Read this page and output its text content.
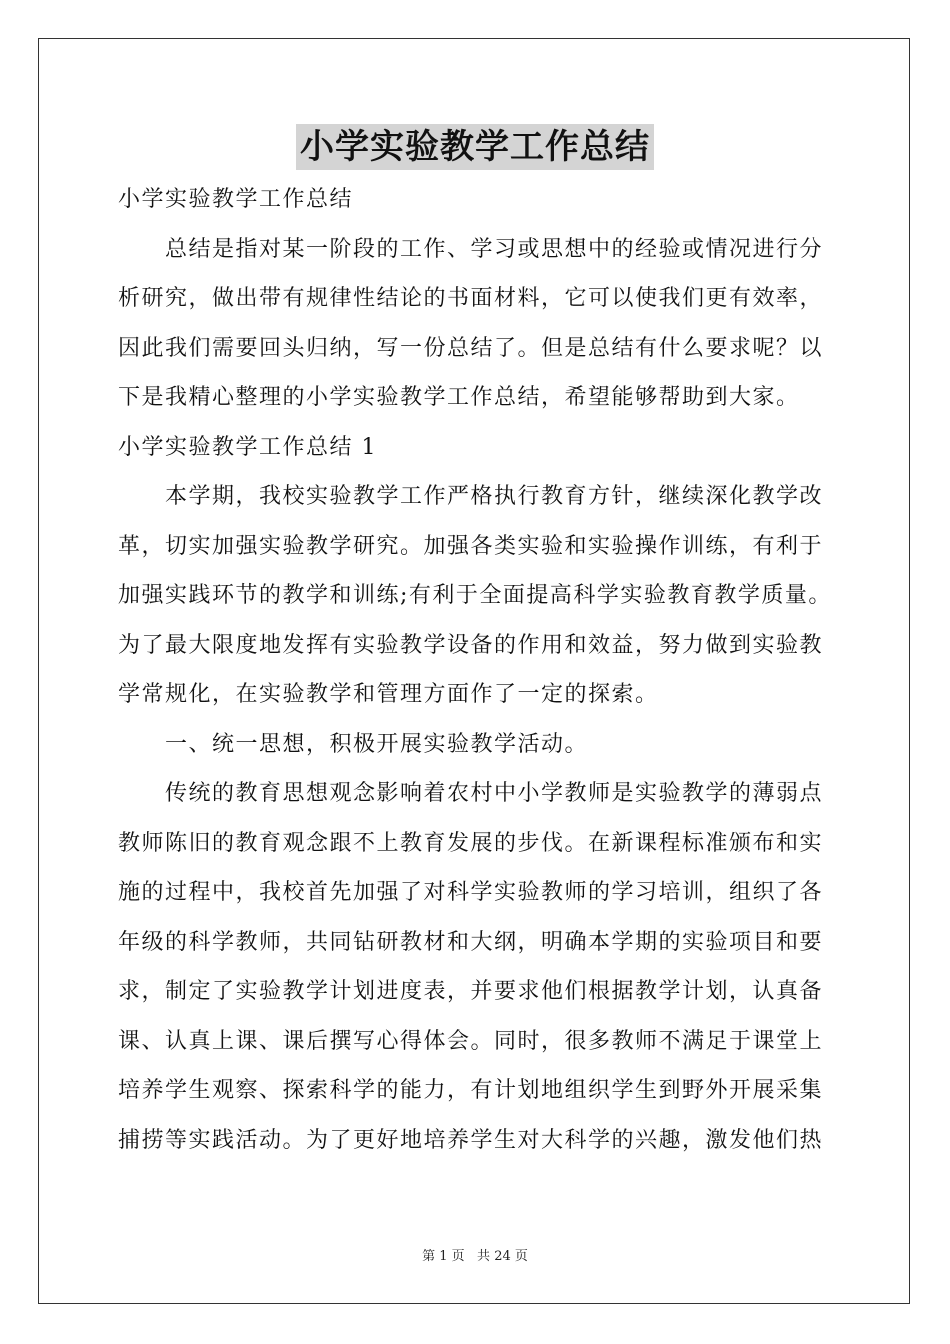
小学实验教学工作总结
小学实验教学工作总结
总结是指对某一阶段的工作、学习或思想中的经验或情况进行分
析研究，做出带有规律性结论的书面材料，它可以使我们更有效率，
因此我们需要回头归纳，写一份总结了。但是总结有什么要求呢？以
下是我精心整理的小学实验教学工作总结，希望能够帮助到大家。
小学实验教学工作总结 1
本学期，我校实验教学工作严格执行教育方针，继续深化教学改
革，切实加强实验教学研究。加强各类实验和实验操作训练，有利于
加强实践环节的教学和训练;有利于全面提高科学实验教育教学质量。
为了最大限度地发挥有实验教学设备的作用和效益，努力做到实验教
学常规化，在实验教学和管理方面作了一定的探索。
一、统一思想，积极开展实验教学活动。
传统的教育思想观念影响着农村中小学教师是实验教学的薄弱点
教师陈旧的教育观念跟不上教育发展的步伐。在新课程标准颁布和实
施的过程中，我校首先加强了对科学实验教师的学习培训，组织了各
年级的科学教师，共同钻研教材和大纲，明确本学期的实验项目和要
求，制定了实验教学计划进度表，并要求他们根据教学计划，认真备
课、认真上课、课后撰写心得体会。同时，很多教师不满足于课堂上
培养学生观察、探索科学的能力，有计划地组织学生到野外开展采集
捕捞等实践活动。为了更好地培养学生对大科学的兴趣，激发他们热
第 1 页   共 24 页
